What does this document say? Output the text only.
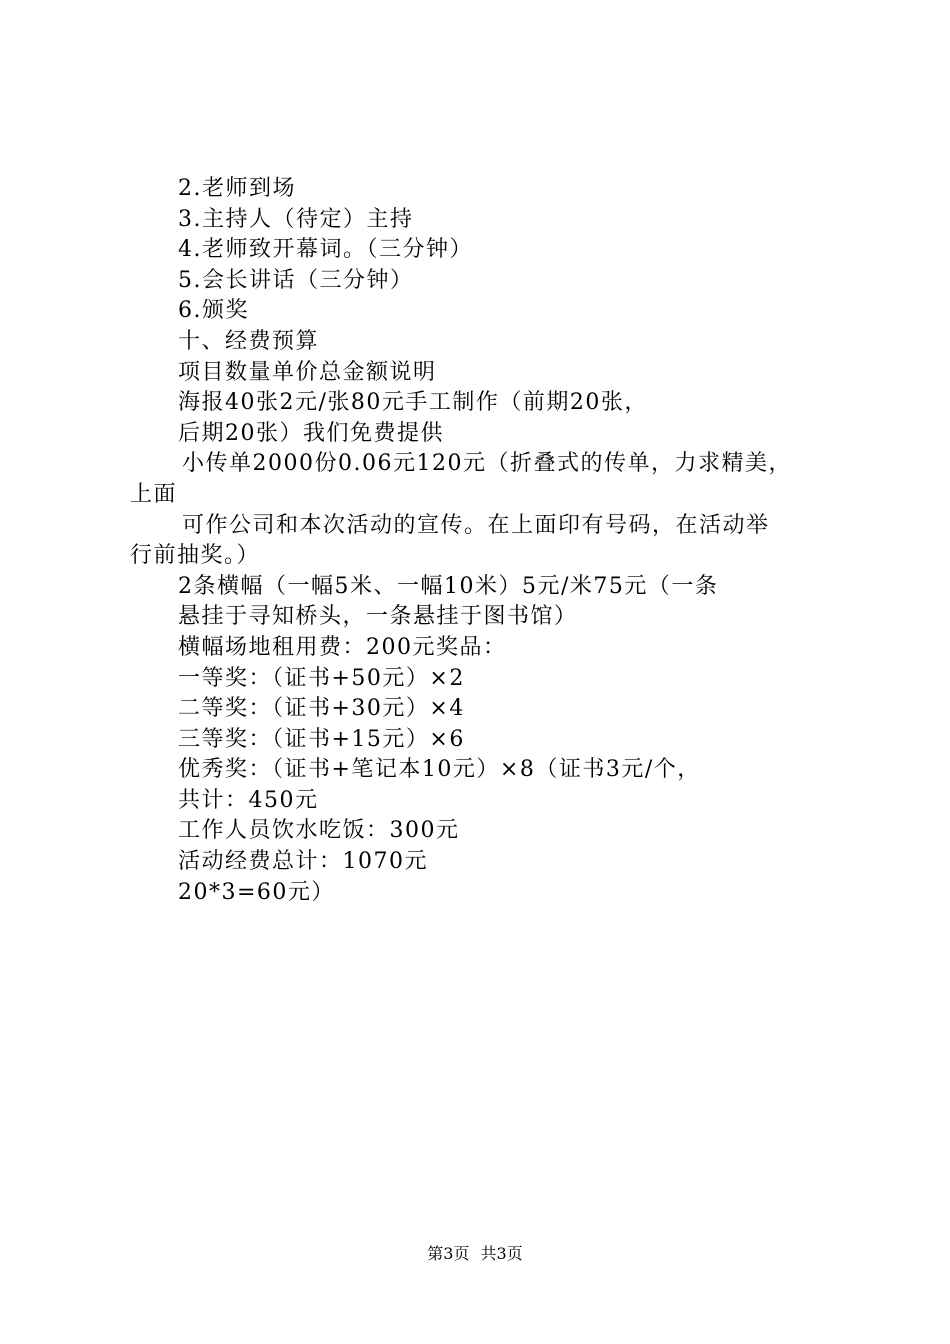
2.老师到场
3.主持人（待定）主持
4.老师致开幕词。（三分钟）
5.会长讲话（三分钟）
6.颁奖
十、经费预算
项目数量单价总金额说明
海报40张2元/张80元手工制作（前期20张，
后期20张）我们免费提供
小传单2000份0.06元120元（折叠式的传单，力求精美，
上面
可作公司和本次活动的宣传。在上面印有号码，在活动举
行前抽奖。）
2条横幅（一幅5米、一幅10米）5元/米75元（一条
悬挂于寻知桥头，一条悬挂于图书馆）
横幅场地租用费：200元奖品：
一等奖：（证书+50元）×2
二等奖：（证书+30元）×4
三等奖：（证书+15元）×6
优秀奖：（证书+笔记本10元）×8（证书3元/个，
共计：450元
工作人员饮水吃饭：300元
活动经费总计：1070元
20*3=60元）
第3页 共3页
